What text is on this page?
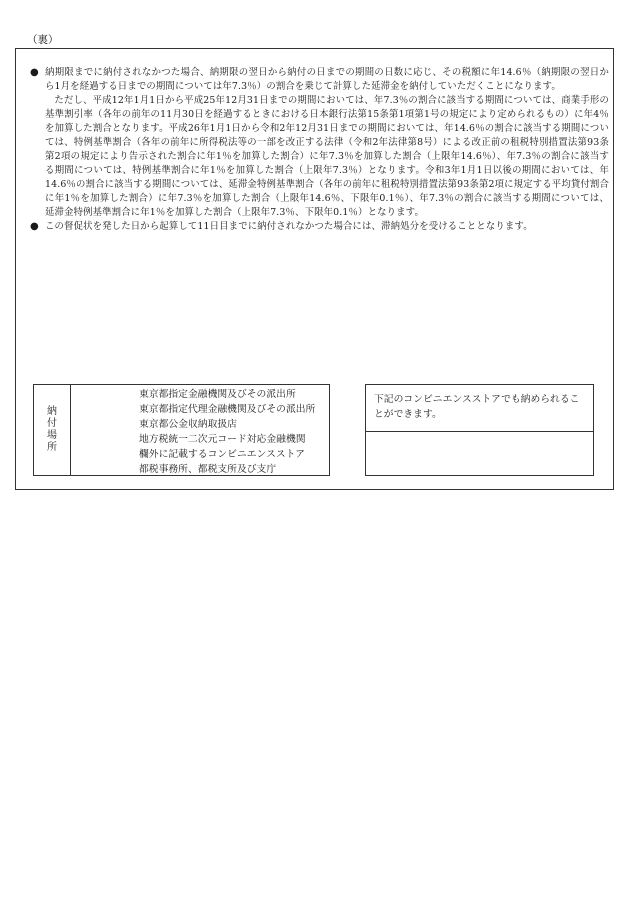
（裏）
● 納期限までに納付されなかつた場合、納期限の翌日から納付の日までの期間の日数に応じ、その税額に年14.6％（納期限の翌日から1月を経過する日までの期間については年7.3％）の割合を乗じて計算した延滞金を納付していただくことになります。

ただし、平成12年1月1日から平成25年12月31日までの期間においては、年7.3％の割合に該当する期間については、商業手形の基準割引率（各年の前年の11月30日を経過するときにおける日本銀行法第15条第1項第1号の規定により定められるもの）に年4％を加算した割合となります。平成26年1月1日から令和2年12月31日までの期間においては、年14.6％の割合に該当する期間については、特例基準割合（各年の前年に所得税法等の一部を改正する法律（令和2年法律第8号）による改正前の租税特別措置法第93条第2項の規定により告示された割合に年1％を加算した割合）に年7.3％を加算した割合（上限年14.6％）、年7.3％の割合に該当する期間については、特例基準割合に年1％を加算した割合（上限年7.3％）となります。令和3年1月1日以後の期間においては、年14.6％の割合に該当する期間については、延滞金特例基準割合（各年の前年に租税特別措置法第93条第2項に規定する平均貸付割合に年1％を加算した割合）に年7.3％を加算した割合（上限年14.6％、下限年0.1％）、年7.3％の割合に該当する期間については、延滞金特例基準割合に年1％を加算した割合（上限年7.3％、下限年0.1％）となります。

● この督促状を発した日から起算して11日目までに納付されなかつた場合には、滞納処分を受けることとなります。

納付場所
東京都指定金融機関及びその派出所
東京都指定代理金融機関及びその派出所
東京都公金収納取扱店
地方税統一二次元コード対応金融機関
欄外に記載するコンビニエンスストア
都税事務所、都税支所及び支庁
下記のコンビニエンスストアでも納められることができます。
